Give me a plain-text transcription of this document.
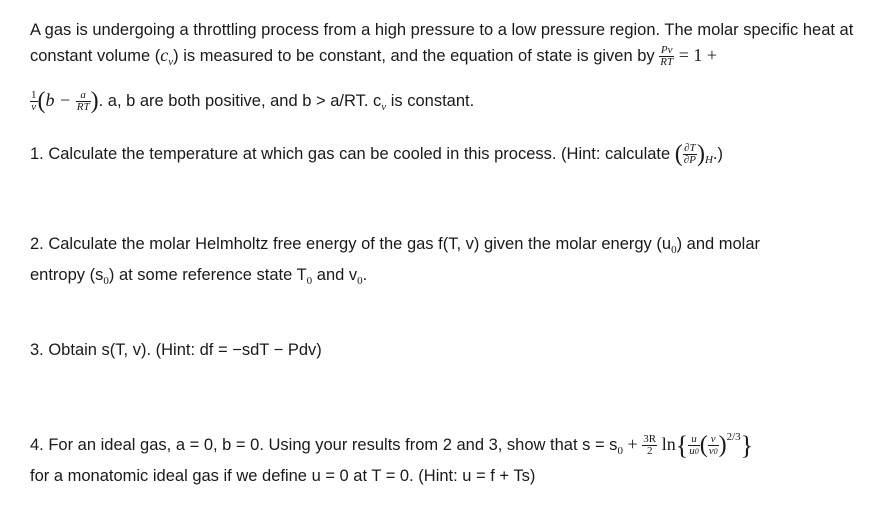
A gas is undergoing a throttling process from a high pressure to a low pressure region. The molar specific heat at constant volume $(c_v)$ is measured to be constant, and the equation of state is given by $\frac{Pv}{RT} = 1$ +
$\frac{1}{v} (b - \frac{a}{RT}$ ). a, b are both positive, and b > a/RT. $c_v$ is constant.
1. Calculate the temperature at which gas can be cooled in this process. (Hint: calculate ( $\frac{\partial T}{\partial P} )_H$.)
2. Calculate the molar Helmholtz free energy of the gas f(T, v) given the molar energy $(u_0)$ and molar
entropy $(s_0)$ at some reference state $T_0$ and $v_0$.
3. Obtain s(T, v). (Hint: df = −sdT − Pdv)
4. For an ideal gas, a = 0, b = 0. Using your results from 2 and 3, show that $s = s_0 + \frac{3R}{2} \ln\{ \frac{u}{u0}$ ( $\frac{v}{v0} )^{2/3}$}
for a monatomic ideal gas if we define u = 0 at T = 0. (Hint: u = f + Ts)
